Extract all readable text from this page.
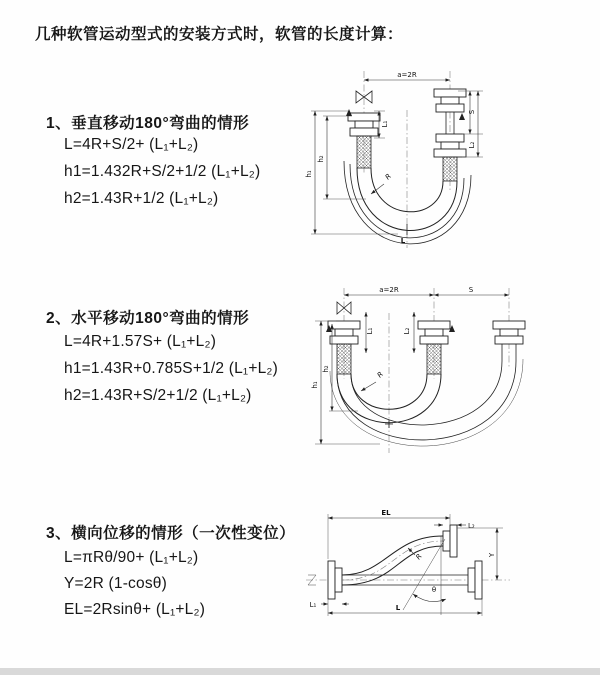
几种软管运动型式的安装方式时，软管的长度计算：
1、垂直移动180°弯曲的情形
L=4R+S/2+ (L₁+L₂)
h1=1.432R+S/2+1/2 (L₁+L₂)
h2=1.43R+1/2 (L₁+L₂)
2、水平移动180°弯曲的情形
L=4R+1.57S+ (L₁+L₂)
h1=1.43R+0.785S+1/2 (L₁+L₂)
h2=1.43R+S/2+1/2 (L₁+L₂)
3、横向位移的情形（一次性变位）
L=πRθ/90+ (L₁+L₂)
Y=2R (1-cosθ)
EL=2Rsinθ+ (L₁+L₂)
a=2R
h₁
h₂
L₁
S
L₂
R
L
a=2R	S
h₁
h₂
L₁	L₂
R
EL
L₂
Y
θ
R
L₁	L
